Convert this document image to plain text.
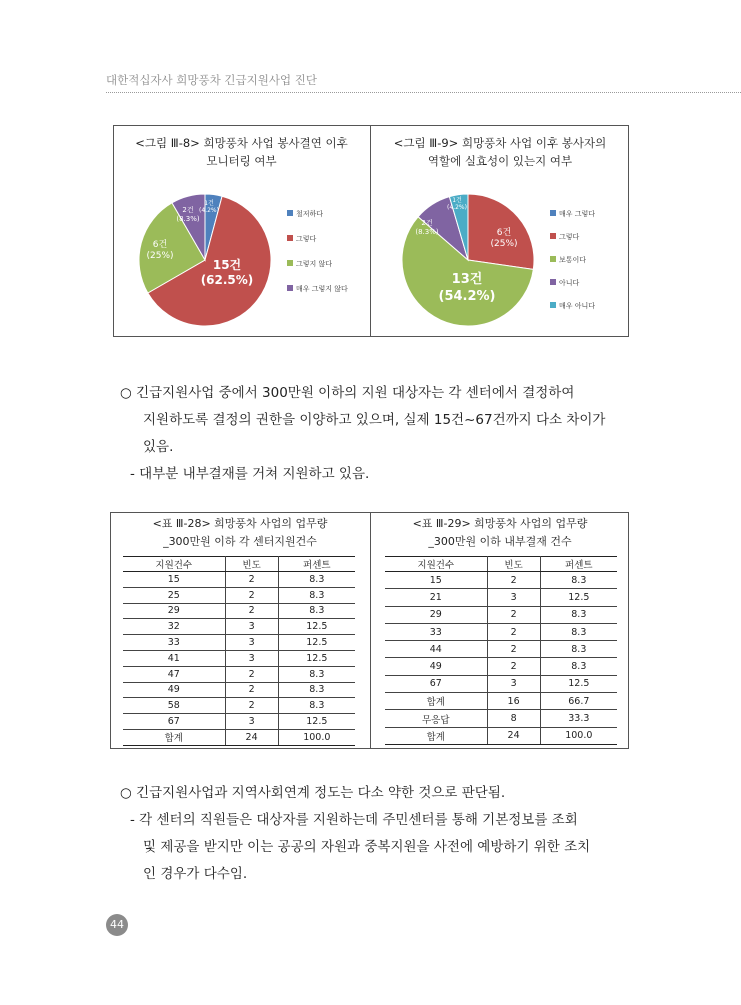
대한적십자사 희망풍차 긴급지원사업 진단
<그림 Ⅲ-8> 희망풍차 사업 봉사결연 이후
모니터링 여부
<그림 Ⅲ-9> 희망풍차 사업 이후 봉사자의
역할에 실효성이 있는지 여부
1건
(4.2%)
15건
(62.5%)
6건
(25%)
2건
(8.3%)
철저하다
그렇다
그렇지 않다
매우 그렇지 않다
1건
(4.2%)
6건
(25%)
13건
(54.2%)
2건
(8.3%)
매우 그렇다
그렇다
보통이다
아니다
매우 아니다
○ 긴급지원사업 중에서 300만원 이하의 지원 대상자는 각 센터에서 결정하여
지원하도록 결정의 권한을 이양하고 있으며, 실제 15건~67건까지 다소 차이가
있음.
- 대부분 내부결재를 거쳐 지원하고 있음.
<표 Ⅲ-28> 희망풍차 사업의 업무량
_300만원 이하 각 센터지원건수
<표 Ⅲ-29> 희망풍차 사업의 업무량
_300만원 이하 내부결재 건수
지원건수	빈도	퍼센트
15	2	8.3
25	2	8.3
29	2	8.3
32	3	12.5
33	3	12.5
41	3	12.5
47	2	8.3
49	2	8.3
58	2	8.3
67	3	12.5
합계	24	100.0
지원건수	빈도	퍼센트
15	2	8.3
21	3	12.5
29	2	8.3
33	2	8.3
44	2	8.3
49	2	8.3
67	3	12.5
합계	16	66.7
무응답	8	33.3
합계	24	100.0
○ 긴급지원사업과 지역사회연계 정도는 다소 약한 것으로 판단됨.
- 각 센터의 직원들은 대상자를 지원하는데 주민센터를 통해 기본정보를 조회
및 제공을 받지만 이는 공공의 자원과 중복지원을 사전에 예방하기 위한 조치
인 경우가 다수임.
44
